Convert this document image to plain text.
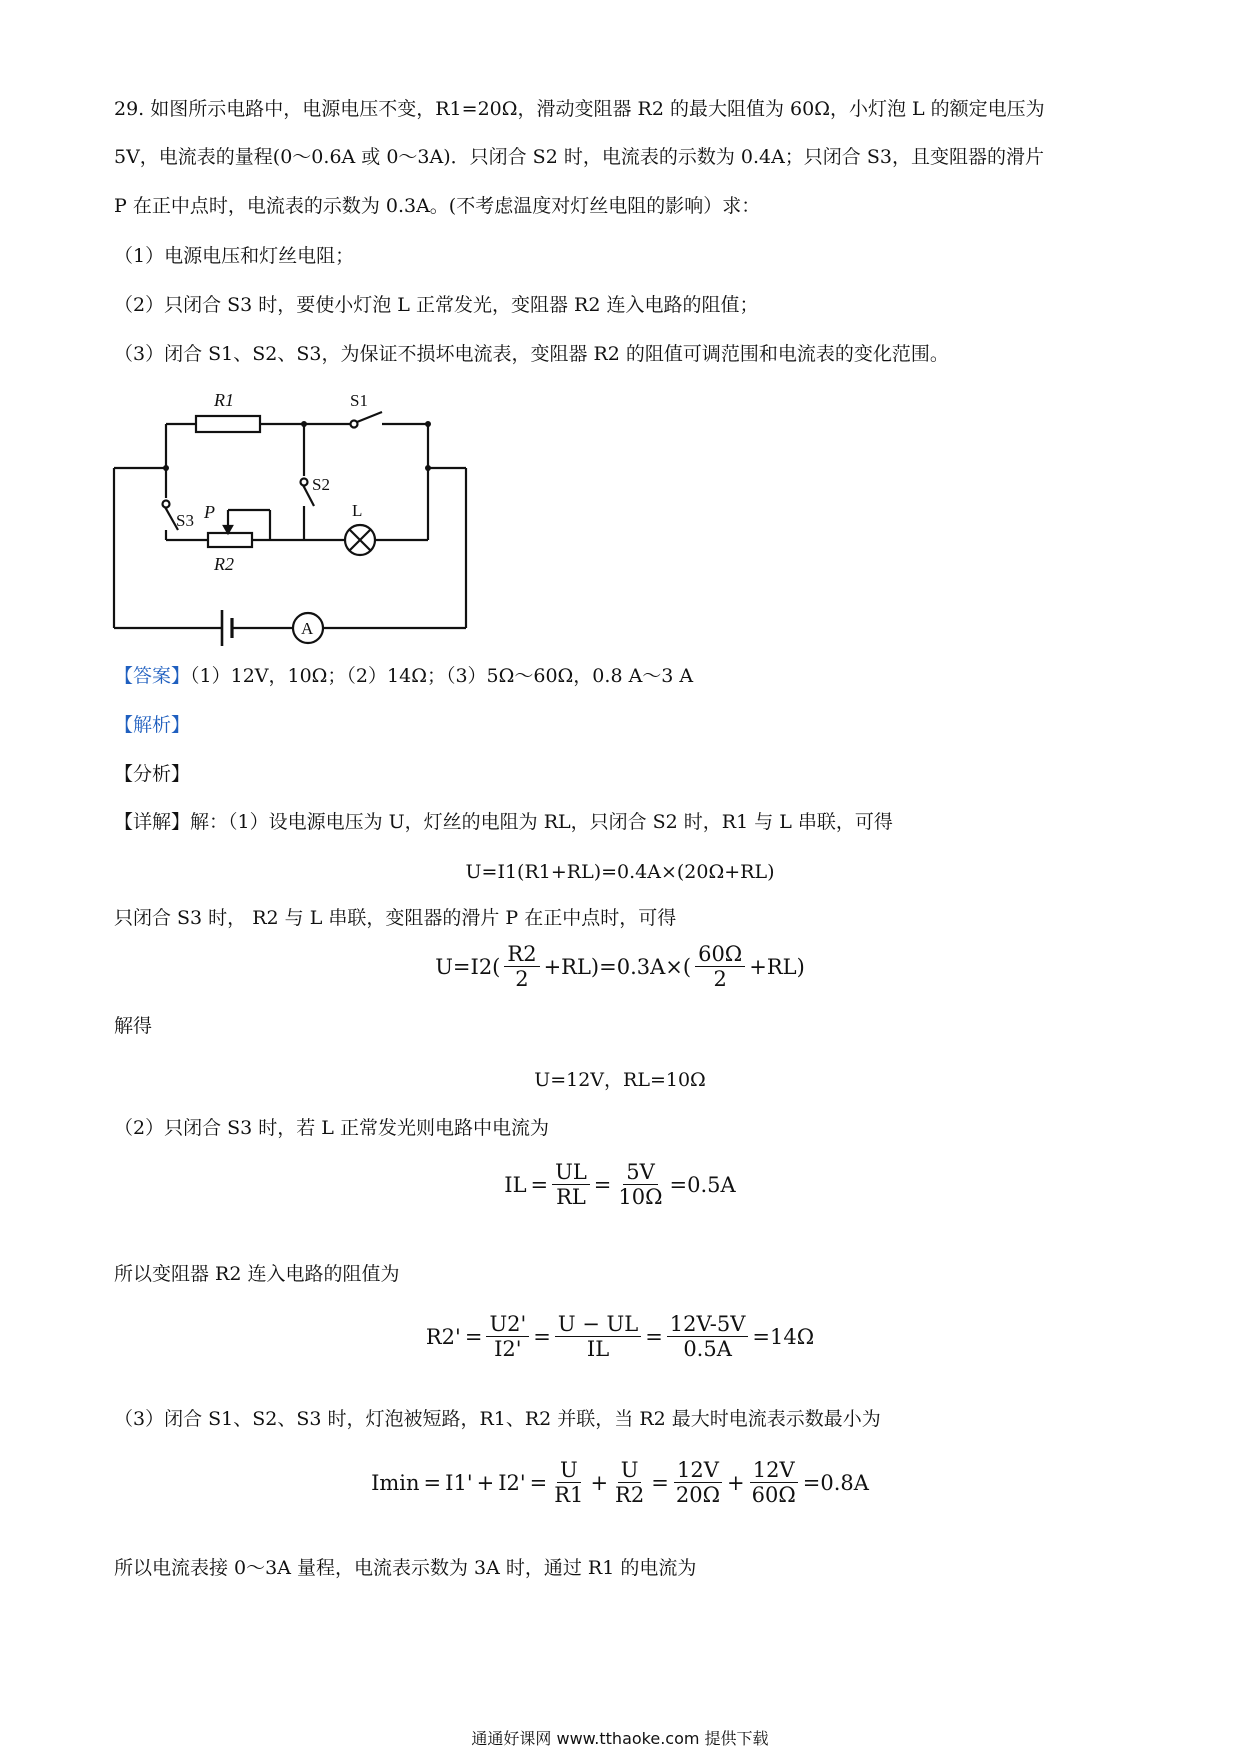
29. 如图所示电路中，电源电压不变，R1=20Ω，滑动变阻器 R2 的最大阻值为 60Ω，小灯泡 L 的额定电压为
5V，电流表的量程(0～0.6A 或 0～3A)．只闭合 S2 时，电流表的示数为 0.4A；只闭合 S3，且变阻器的滑片
P 在正中点时，电流表的示数为 0.3A。(不考虑温度对灯丝电阻的影响）求：
（1）电源电压和灯丝电阻；
（2）只闭合 S3 时，要使小灯泡 L 正常发光，变阻器 R2 连入电路的阻值；
（3）闭合 S1、S2、S3，为保证不损坏电流表，变阻器 R2 的阻值可调范围和电流表的变化范围。
R1
P
R2
S1
S3
S2
L
A
【答案】（1）12V，10Ω；（2）14Ω；（3）5Ω～60Ω，0.8 A～3 A
【解析】
【分析】
【详解】解：（1）设电源电压为 U，灯丝的电阻为 RL，只闭合 S2 时，R1 与 L 串联，可得
U=I1(R1+RL)=0.4A×(20Ω+RL)
只闭合 S3 时， R2 与 L 串联，变阻器的滑片 P 在正中点时，可得
$U=I2( \frac{R2}{2} +RL)=0.3A\times( \frac{60\Omega}{2} +RL)$
解得
U=12V，RL=10Ω
（2）只闭合 S3 时，若 L 正常发光则电路中电流为
IL = $\frac{UL}{RL} = \frac{5V}{10\Omega} =0.5A$
所以变阻器 R2 连入电路的阻值为
$R2' = \frac{U2'}{I2'} = \frac{U - UL}{IL} = \frac{12V-5V}{0.5A} =14\Omega$
（3）闭合 S1、S2、S3 时，灯泡被短路，R1、R2 并联，当 R2 最大时电流表示数最小为
$Imin = I1' + I2' = \frac{U}{R1} + \frac{U}{R2} = \frac{12V}{20\Omega} + \frac{12V}{60\Omega} =0.8A$
所以电流表接 0～3A 量程，电流表示数为 3A 时，通过 R1 的电流为
通通好课网 www.tthaoke.com 提供下载
